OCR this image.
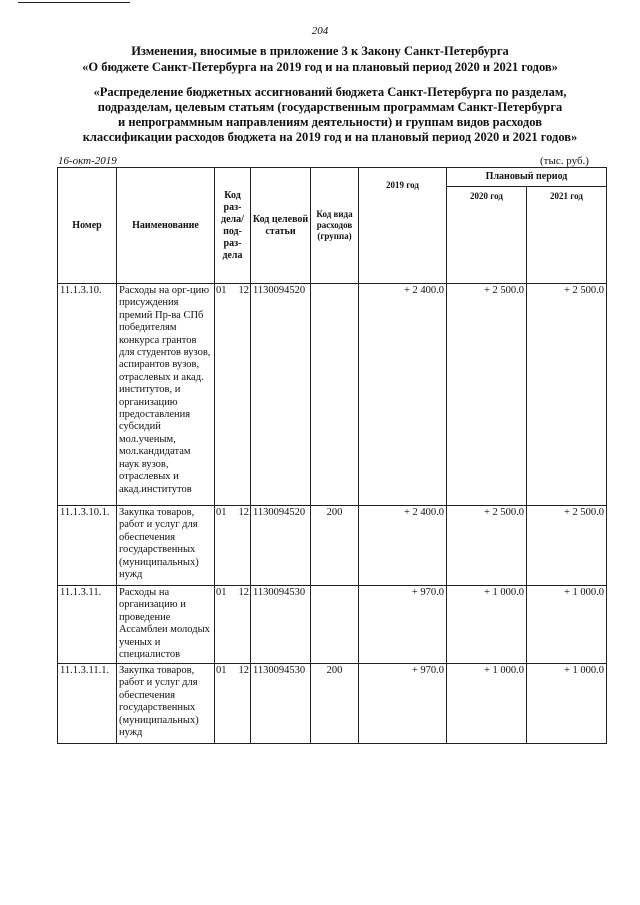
204
Изменения, вносимые в приложение 3 к Закону Санкт-Петербурга
«О бюджете Санкт-Петербурга на 2019 год и на плановый период 2020 и 2021 годов»
«Распределение бюджетных ассигнований бюджета Санкт-Петербурга по разделам,
подразделам, целевым статьям (государственным программам Санкт-Петербурга
и непрограммным направлениям деятельности) и группам видов расходов
классификации расходов бюджета на 2019 год и на плановый период 2020 и 2021 годов»
16-окт-2019	(тыс. руб.)
Номер	Наименование	Код раз-дела/ под-раз-дела	Код целевой статьи	Код вида расходов (группа)	2019 год	Плановый период	
						2020 год	2021 год
11.1.3.10.	Расходы на орг-цию присуждения премий Пр-ва СПб победителям конкурса грантов для студентов вузов, аспирантов вузов, отраслевых и акад. институтов, и организацию предоставления субсидий мол.ученым, мол.кандидатам наук вузов, отраслевых и акад.институтов	01 12	1130094520		+ 2 400.0	+ 2 500.0	+ 2 500.0
11.1.3.10.1.	Закупка товаров, работ и услуг для обеспечения государственных (муниципальных) нужд	01 12	1130094520	200	+ 2 400.0	+ 2 500.0	+ 2 500.0
11.1.3.11.	Расходы на организацию и проведение Ассамблеи молодых ученых и специалистов	01 12	1130094530		+ 970.0	+ 1 000.0	+ 1 000.0
11.1.3.11.1.	Закупка товаров, работ и услуг для обеспечения государственных (муниципальных) нужд	01 12	1130094530	200	+ 970.0	+ 1 000.0	+ 1 000.0
